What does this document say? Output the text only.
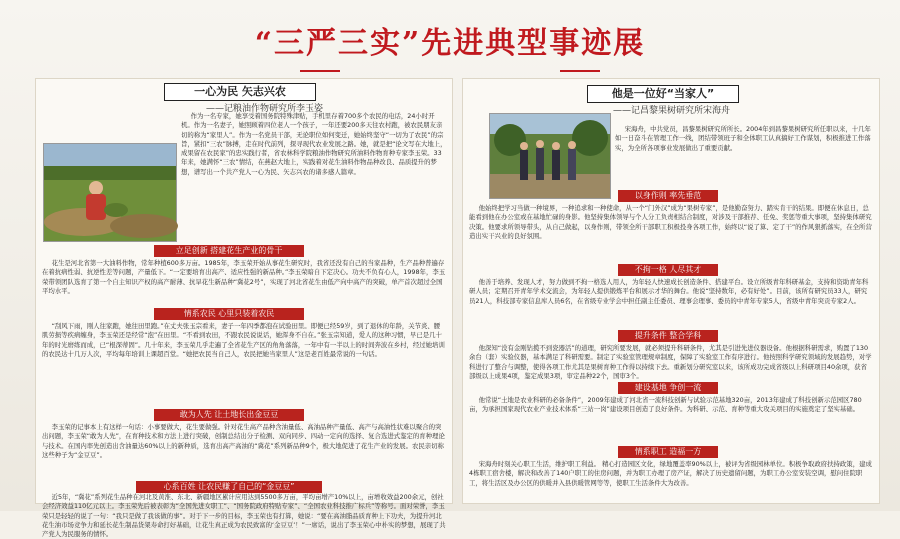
“三严三实”先进典型事迹展
一心为民 矢志兴农
——记粮油作物研究所李玉姿
作为一名专家，她享受着国务院特殊津贴，手机里存着700多个农民的电话，24小时开机。作为一名妻子，她照顾着四位老人一个孩子，一年还要200多天往农村跑，被农民朋友亲切的称为“家里人”。作为一名党员干部，无论职位如何变迁，她始终坚守“一切为了农民”的宗旨，紧扣“三农”脉搏，走在时代前列，探寻现代农业发展之路。她，就是把“论文写在大地上，成果留在农民家”的忠实践行者，省农林科学院粮油作物研究所油料作物育种专家李玉荣。33年来，她满怀“三农”情结，在燕赵大地上，实践着对花生油料作物品种改良、品质提升的梦想，谱写出一个共产党人一心为民、矢志兴农的诸多感人篇章。
立足创新 搭建花生产业的骨干
花生是河北省第一大油料作物，常年种植600多万亩。1985年，李玉荣开始从事花生研究时，我省还没有自己的当家品种，生产品种普遍存在着抗病性弱、抗逆性差等问题，产量低下。“一定要培育出高产、适应性强的新品种。”李玉荣暗自下定决心。功夫不负有心人，1998年，李玉荣带领团队选育了第一个自主知识产权的高产耐薄、抗旱花生新品种“冀花2号”，实现了河北省花生由低产向中高产的突破，单产首次超过全国平均水平。
情系农民 心里只装着农民
“刮风下雨，刚人往家跑，她往田里跑。”在丈夫张玉宗看来，妻子一年四季都泡在试验田里。即便已经59岁，到了退休的年龄，关节炎、腰肌劳损等疾病缠身，李玉荣还是经常“泡”在田里。“不看到农田，不跟农民说说话，她浑身不自在。”张玉宗知道，爱人的这种习惯，早已是几十年的时光磨练而成，已“根深蒂固”。几十年来，李玉荣几乎走遍了全省花生产区的角角落落，一年中有一半以上的时间奔波在乡村，经过她培训的农民达十几万人次，平均每年培训上课超百堂。“她把农民当自己人，农民把她当家里人”这是老百姓最常说的一句话。
敢为人先 让土地长出金豆豆
李玉荣的记事本上有这样一句话：小事要做大，花生要做强。针对花生高产品种含油量低、高油品种产量低、高产与高油性状难以聚合的突出问题，李玉荣“敢为人先”，在育种技术和方法上进行突破，创制总结出分子检测、双向同步、四动一定向的选择、复合选进式鉴定的育种理论与技术。在国内率先创造出含油量达60%以上的新种质，选育出高产高油的“冀花”系列新品种9个，极大地促进了花生产业的发展。农民亲切称这些种子为“金豆豆”。
心系百姓 让农民赚了自己的“金豆豆”
近5年，“冀花”系列花生品种在河北及黄淮、东北、新疆地区累计应用达到5500多万亩，平均亩增产10%以上，亩增收效益200余元，创社会经济效益110亿元以上。李玉荣先后被表彰为“全国先进女职工”、“国务院政府特贴专家”、“全国农业科技推广标兵”等称号。面对荣誉，李玉荣只是轻轻的说了一句：“我只是做了我该做的事”。对于下一步的目标，李玉荣也有打算，她说：“要在高油脂品质育种上下功夫，为提升河北花生油市场竞争力和延长花生制品货架寿命打好基础，让花生真正成为农民致富的‘金豆豆’！”一席话，说出了李玉荣心中朴实的梦想，展现了共产党人为民服务的情怀。
他是一位好“当家人”
——记昌黎果树研究所宋海舟
宋海舟，中共党员，昌黎果树研究所所长。2004年到昌黎果树研究所任职以来，十几年如一日奋斗在管理工作一线，团结带领班子和全体职工认真搞好工作谋划，积极推进工作落实，为全所各项事业发展做出了重要贡献。
以身作则 率先垂范
他始终把学习当做一种境界，一种追求和一种使命，从一个“门外汉”成为“果树专家”，是他勤奋努力、踏实肯干的结果。即便在休息日，总能看到他在办公室或在基地忙碌的身影。他坚持集体领导与个人分工负责相结合制度，对涉及干部推荐、任免、奖惩等重大事项，坚持集体研究决策。他要求所领导带头，从自己做起，以身作则，带领全所干部职工积极投身各项工作，始终以“说了算、定了干”的作风狠抓落实，在全所营造出实干兴业的良好氛围。
不拘一格 人尽其才
他善于培养、发现人才，努力做到不拘一格选人用人，为年轻人快速成长创造条件、搭建平台。设立所级青年科研基金，支持和资助青年科研人员；定期召开青年学术交流会，为年轻人提供锻炼平台和展示才华的舞台。他说“坚持数年，必有好处”。目前，该所有研究员33人，研究员21人，科技部专家信息库人员6名，在省级专业学会中担任副主任委员、理事会理事、委员的中青年专家5人，省级中青年突贡专家2人。
提升条件 整合学科
他深知“没有金刚钻揽不到瓷器活”的道理，研究所要发展，就必须提升科研条件，尤其是引进先进仪器设备。他根据科研需求，购置了130余台（套）实验仪器，基本满足了科研需要。制定了实验室管理规章制度，保障了实验室工作有序进行。他按照科学研究领域的发展趋势，对学科进行了整合与调整，使得各项工作尤其是果树育种工作得以持续下去。重新划分研究室以来，该所成功完成省级以上科研项目40余项，获省部级以上成果4项，鉴定成果3项，审定品种22个，国审3个。
建设基地 争创一流
他常说“土地是农业科研的必备条件”，2009年建成了河北省一流科技创新与试验示范基地320亩，2013年建成了科技创新示范园区780亩，为承担国家现代农业产业技术体系“三站一岗”建设项目创造了良好条件。为科研、示范、育种等重大攻关项目的实施奠定了坚实基础。
情系职工 造福一方
宋海舟时刻关心职工生活，维护职工利益。 精心打造园区文化，绿地覆盖率90%以上，被评为省级园林单位。积极争取政府扶持政策，建成4栋职工宿舍楼，解决和改善了140户职工的住房问题，并为职工办理了房产证，解决了历史遗留问题，为职工办公室安装空调，慰问住院职工，将生活区及办公区的供暖并入县供暖管网等等，使职工生活条件大为改善。
